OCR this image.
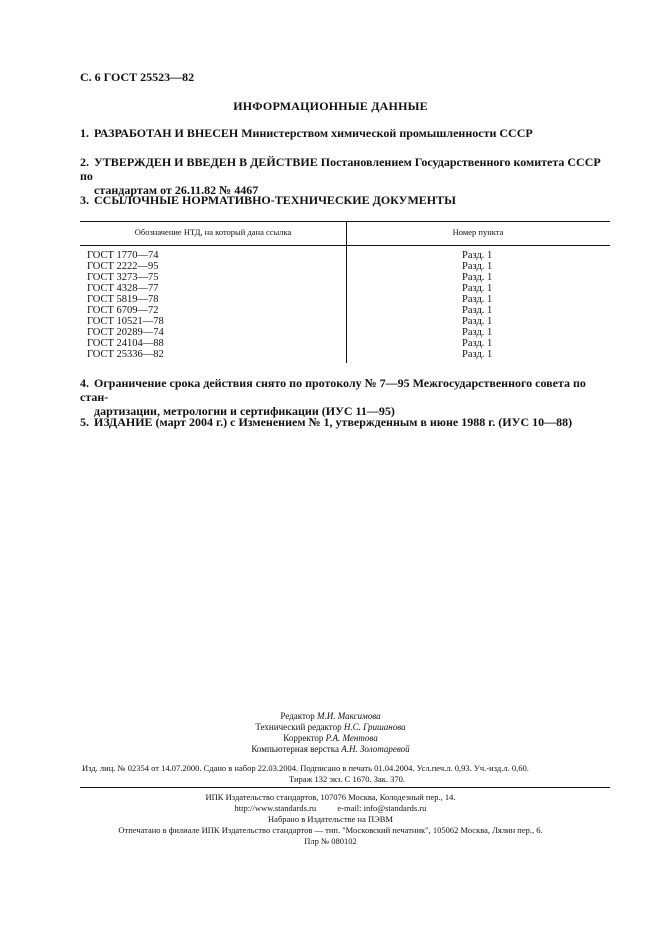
С. 6 ГОСТ 25523—82
ИНФОРМАЦИОННЫЕ ДАННЫЕ
1. РАЗРАБОТАН И ВНЕСЕН Министерством химической промышленности СССР
2. УТВЕРЖДЕН И ВВЕДЕН В ДЕЙСТВИЕ Постановлением Государственного комитета СССР по
стандартам от 26.11.82 № 4467
3. ССЫЛОЧНЫЕ НОРМАТИВНО-ТЕХНИЧЕСКИЕ ДОКУМЕНТЫ
Обозначение НТД, на который дана ссылка	Номер пункта
ГОСТ 1770—74
ГОСТ 2222—95
ГОСТ 3273—75
ГОСТ 4328—77
ГОСТ 5819—78
ГОСТ 6709—72
ГОСТ 10521—78
ГОСТ 20289—74
ГОСТ 24104—88
ГОСТ 25336—82
Разд. 1
Разд. 1
Разд. 1
Разд. 1
Разд. 1
Разд. 1
Разд. 1
Разд. 1
Разд. 1
Разд. 1
4. Ограничение срока действия снято по протоколу № 7—95 Межгосударственного совета по стан-
дартизации, метрологии и сертификации (ИУС 11—95)
5. ИЗДАНИЕ (март 2004 г.) с Изменением № 1, утвержденным в июне 1988 г. (ИУС 10—88)
Редактор М.И. Максимова
Технический редактор Н.С. Гришанова
Корректор Р.А. Ментова
Компьютерная верстка А.Н. Золотаревой
Изд. лиц. № 02354 от 14.07.2000. Сдано в набор 22.03.2004. Подписано в печать 01.04.2004. Усл.печ.л. 0,93. Уч.-изд.л. 0,60.
Тираж 132 экз. С 1670. Зак. 370.
ИПК Издательство стандартов, 107076 Москва, Колодезный пер., 14.
http://www.standards.ru          e-mail: info@standards.ru
Набрано в Издательстве на ПЭВМ
Отпечатано в филиале ИПК Издательство стандартов — тип. "Московский печатник", 105062 Москва, Лялин пер., 6.
Плр № 080102
